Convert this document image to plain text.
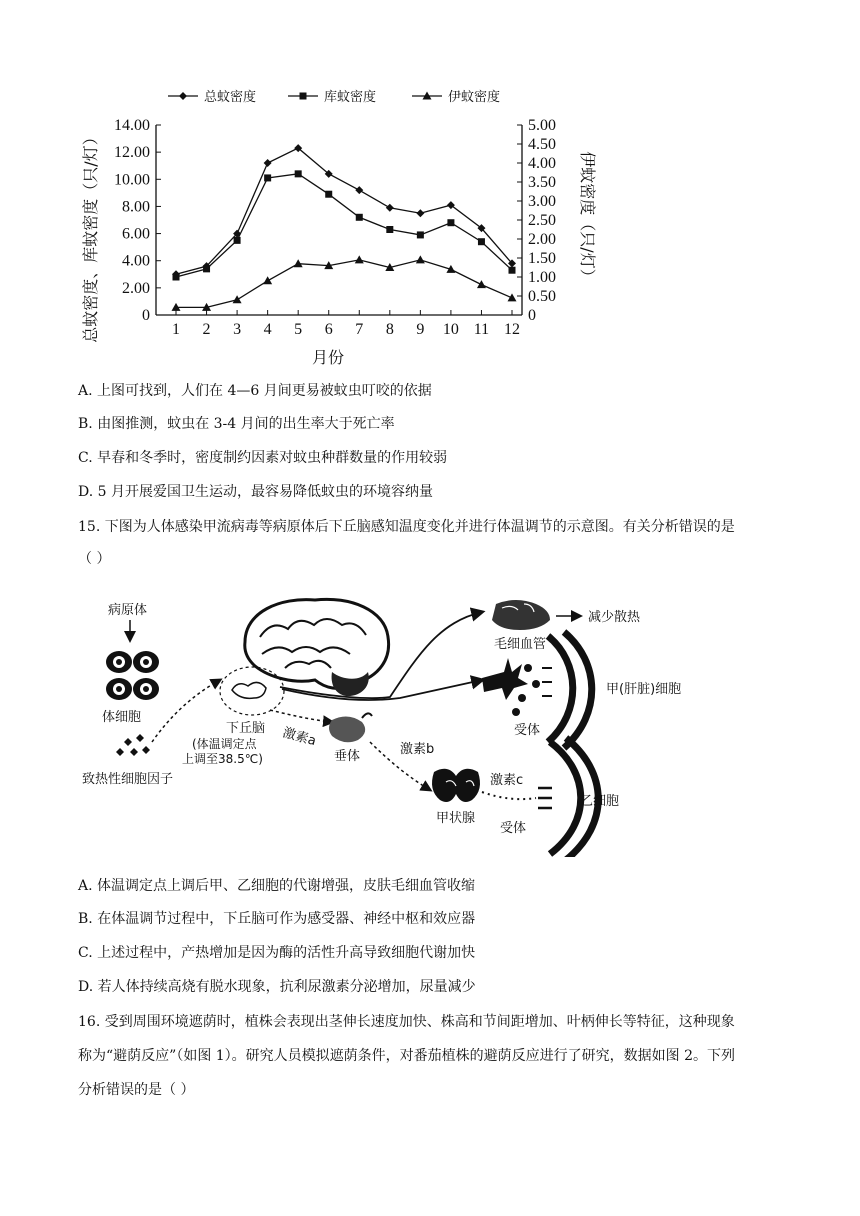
总蚊密度	库蚊密度	伊蚊密度
0
2.00
4.00
6.00
8.00
10.00
12.00
14.00
0
0.50
1.00
1.50
2.00
2.50
3.00
3.50
4.00
4.50
5.00
1 2 3 4 5 6 7 8 9 10 11 12
总蚊密度、库蚊密度（只/灯）	伊蚊密度（只/灯）
月份
A. 上图可找到，人们在 4—6 月间更易被蚊虫叮咬的依据
B. 由图推测，蚊虫在 3-4 月间的出生率大于死亡率
C. 早春和冬季时，密度制约因素对蚊虫种群数量的作用较弱
D. 5 月开展爱国卫生运动，最容易降低蚊虫的环境容纳量
15. 下图为人体感染甲流病毒等病原体后下丘脑感知温度变化并进行体温调节的示意图。有关分析错误的是
（ ）
病原体
体细胞
致热性细胞因子
下丘脑
(体温调定点
上调至38.5℃)
减少散热
毛细血管
受体
甲(肝脏)细胞
激素a
垂体	激素b
甲状腺
激素c
乙细胞
受体
A. 体温调定点上调后甲、乙细胞的代谢增强，皮肤毛细血管收缩
B. 在体温调节过程中，下丘脑可作为感受器、神经中枢和效应器
C. 上述过程中，产热增加是因为酶的活性升高导致细胞代谢加快
D. 若人体持续高烧有脱水现象，抗利尿激素分泌增加，尿量减少
16. 受到周围环境遮荫时，植株会表现出茎伸长速度加快、株高和节间距增加、叶柄伸长等特征，这种现象
称为“避荫反应”（如图 1）。研究人员模拟遮荫条件，对番茄植株的避荫反应进行了研究，数据如图 2。下列
分析错误的是（ ）
